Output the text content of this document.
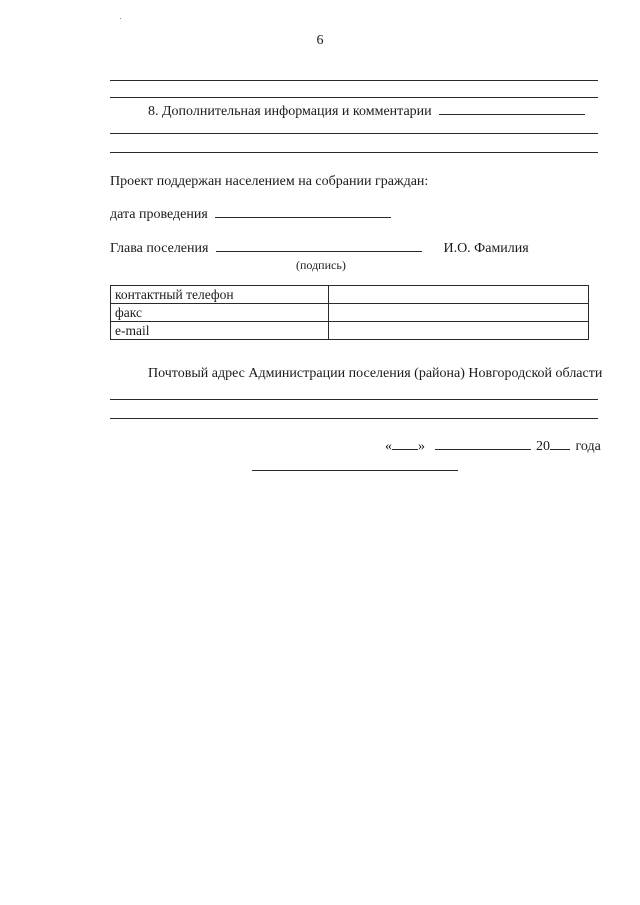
6
8. Дополнительная информация и комментарии
Проект поддержан населением на собрании граждан:
дата проведения
Глава поселения	И.О. Фамилия
(подпись)
контактный телефон	
факс	
e-mail	
Почтовый адрес Администрации поселения (района) Новгородской области
« »	20 года
